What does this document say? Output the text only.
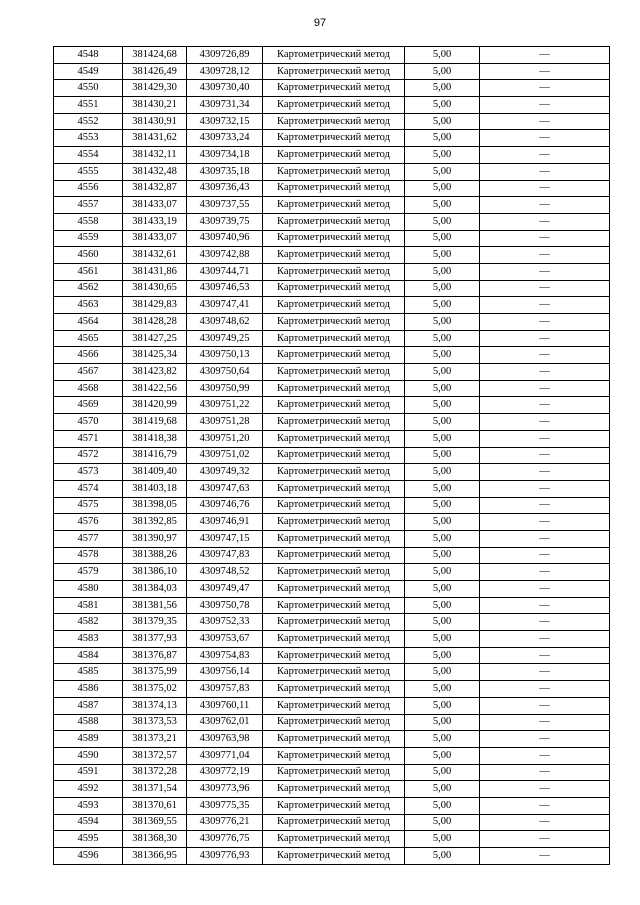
97
4548	381424,68	4309726,89	Картометрический метод	5,00	—
4549	381426,49	4309728,12	Картометрический метод	5,00	—
4550	381429,30	4309730,40	Картометрический метод	5,00	—
4551	381430,21	4309731,34	Картометрический метод	5,00	—
4552	381430,91	4309732,15	Картометрический метод	5,00	—
4553	381431,62	4309733,24	Картометрический метод	5,00	—
4554	381432,11	4309734,18	Картометрический метод	5,00	—
4555	381432,48	4309735,18	Картометрический метод	5,00	—
4556	381432,87	4309736,43	Картометрический метод	5,00	—
4557	381433,07	4309737,55	Картометрический метод	5,00	—
4558	381433,19	4309739,75	Картометрический метод	5,00	—
4559	381433,07	4309740,96	Картометрический метод	5,00	—
4560	381432,61	4309742,88	Картометрический метод	5,00	—
4561	381431,86	4309744,71	Картометрический метод	5,00	—
4562	381430,65	4309746,53	Картометрический метод	5,00	—
4563	381429,83	4309747,41	Картометрический метод	5,00	—
4564	381428,28	4309748,62	Картометрический метод	5,00	—
4565	381427,25	4309749,25	Картометрический метод	5,00	—
4566	381425,34	4309750,13	Картометрический метод	5,00	—
4567	381423,82	4309750,64	Картометрический метод	5,00	—
4568	381422,56	4309750,99	Картометрический метод	5,00	—
4569	381420,99	4309751,22	Картометрический метод	5,00	—
4570	381419,68	4309751,28	Картометрический метод	5,00	—
4571	381418,38	4309751,20	Картометрический метод	5,00	—
4572	381416,79	4309751,02	Картометрический метод	5,00	—
4573	381409,40	4309749,32	Картометрический метод	5,00	—
4574	381403,18	4309747,63	Картометрический метод	5,00	—
4575	381398,05	4309746,76	Картометрический метод	5,00	—
4576	381392,85	4309746,91	Картометрический метод	5,00	—
4577	381390,97	4309747,15	Картометрический метод	5,00	—
4578	381388,26	4309747,83	Картометрический метод	5,00	—
4579	381386,10	4309748,52	Картометрический метод	5,00	—
4580	381384,03	4309749,47	Картометрический метод	5,00	—
4581	381381,56	4309750,78	Картометрический метод	5,00	—
4582	381379,35	4309752,33	Картометрический метод	5,00	—
4583	381377,93	4309753,67	Картометрический метод	5,00	—
4584	381376,87	4309754,83	Картометрический метод	5,00	—
4585	381375,99	4309756,14	Картометрический метод	5,00	—
4586	381375,02	4309757,83	Картометрический метод	5,00	—
4587	381374,13	4309760,11	Картометрический метод	5,00	—
4588	381373,53	4309762,01	Картометрический метод	5,00	—
4589	381373,21	4309763,98	Картометрический метод	5,00	—
4590	381372,57	4309771,04	Картометрический метод	5,00	—
4591	381372,28	4309772,19	Картометрический метод	5,00	—
4592	381371,54	4309773,96	Картометрический метод	5,00	—
4593	381370,61	4309775,35	Картометрический метод	5,00	—
4594	381369,55	4309776,21	Картометрический метод	5,00	—
4595	381368,30	4309776,75	Картометрический метод	5,00	—
4596	381366,95	4309776,93	Картометрический метод	5,00	—
